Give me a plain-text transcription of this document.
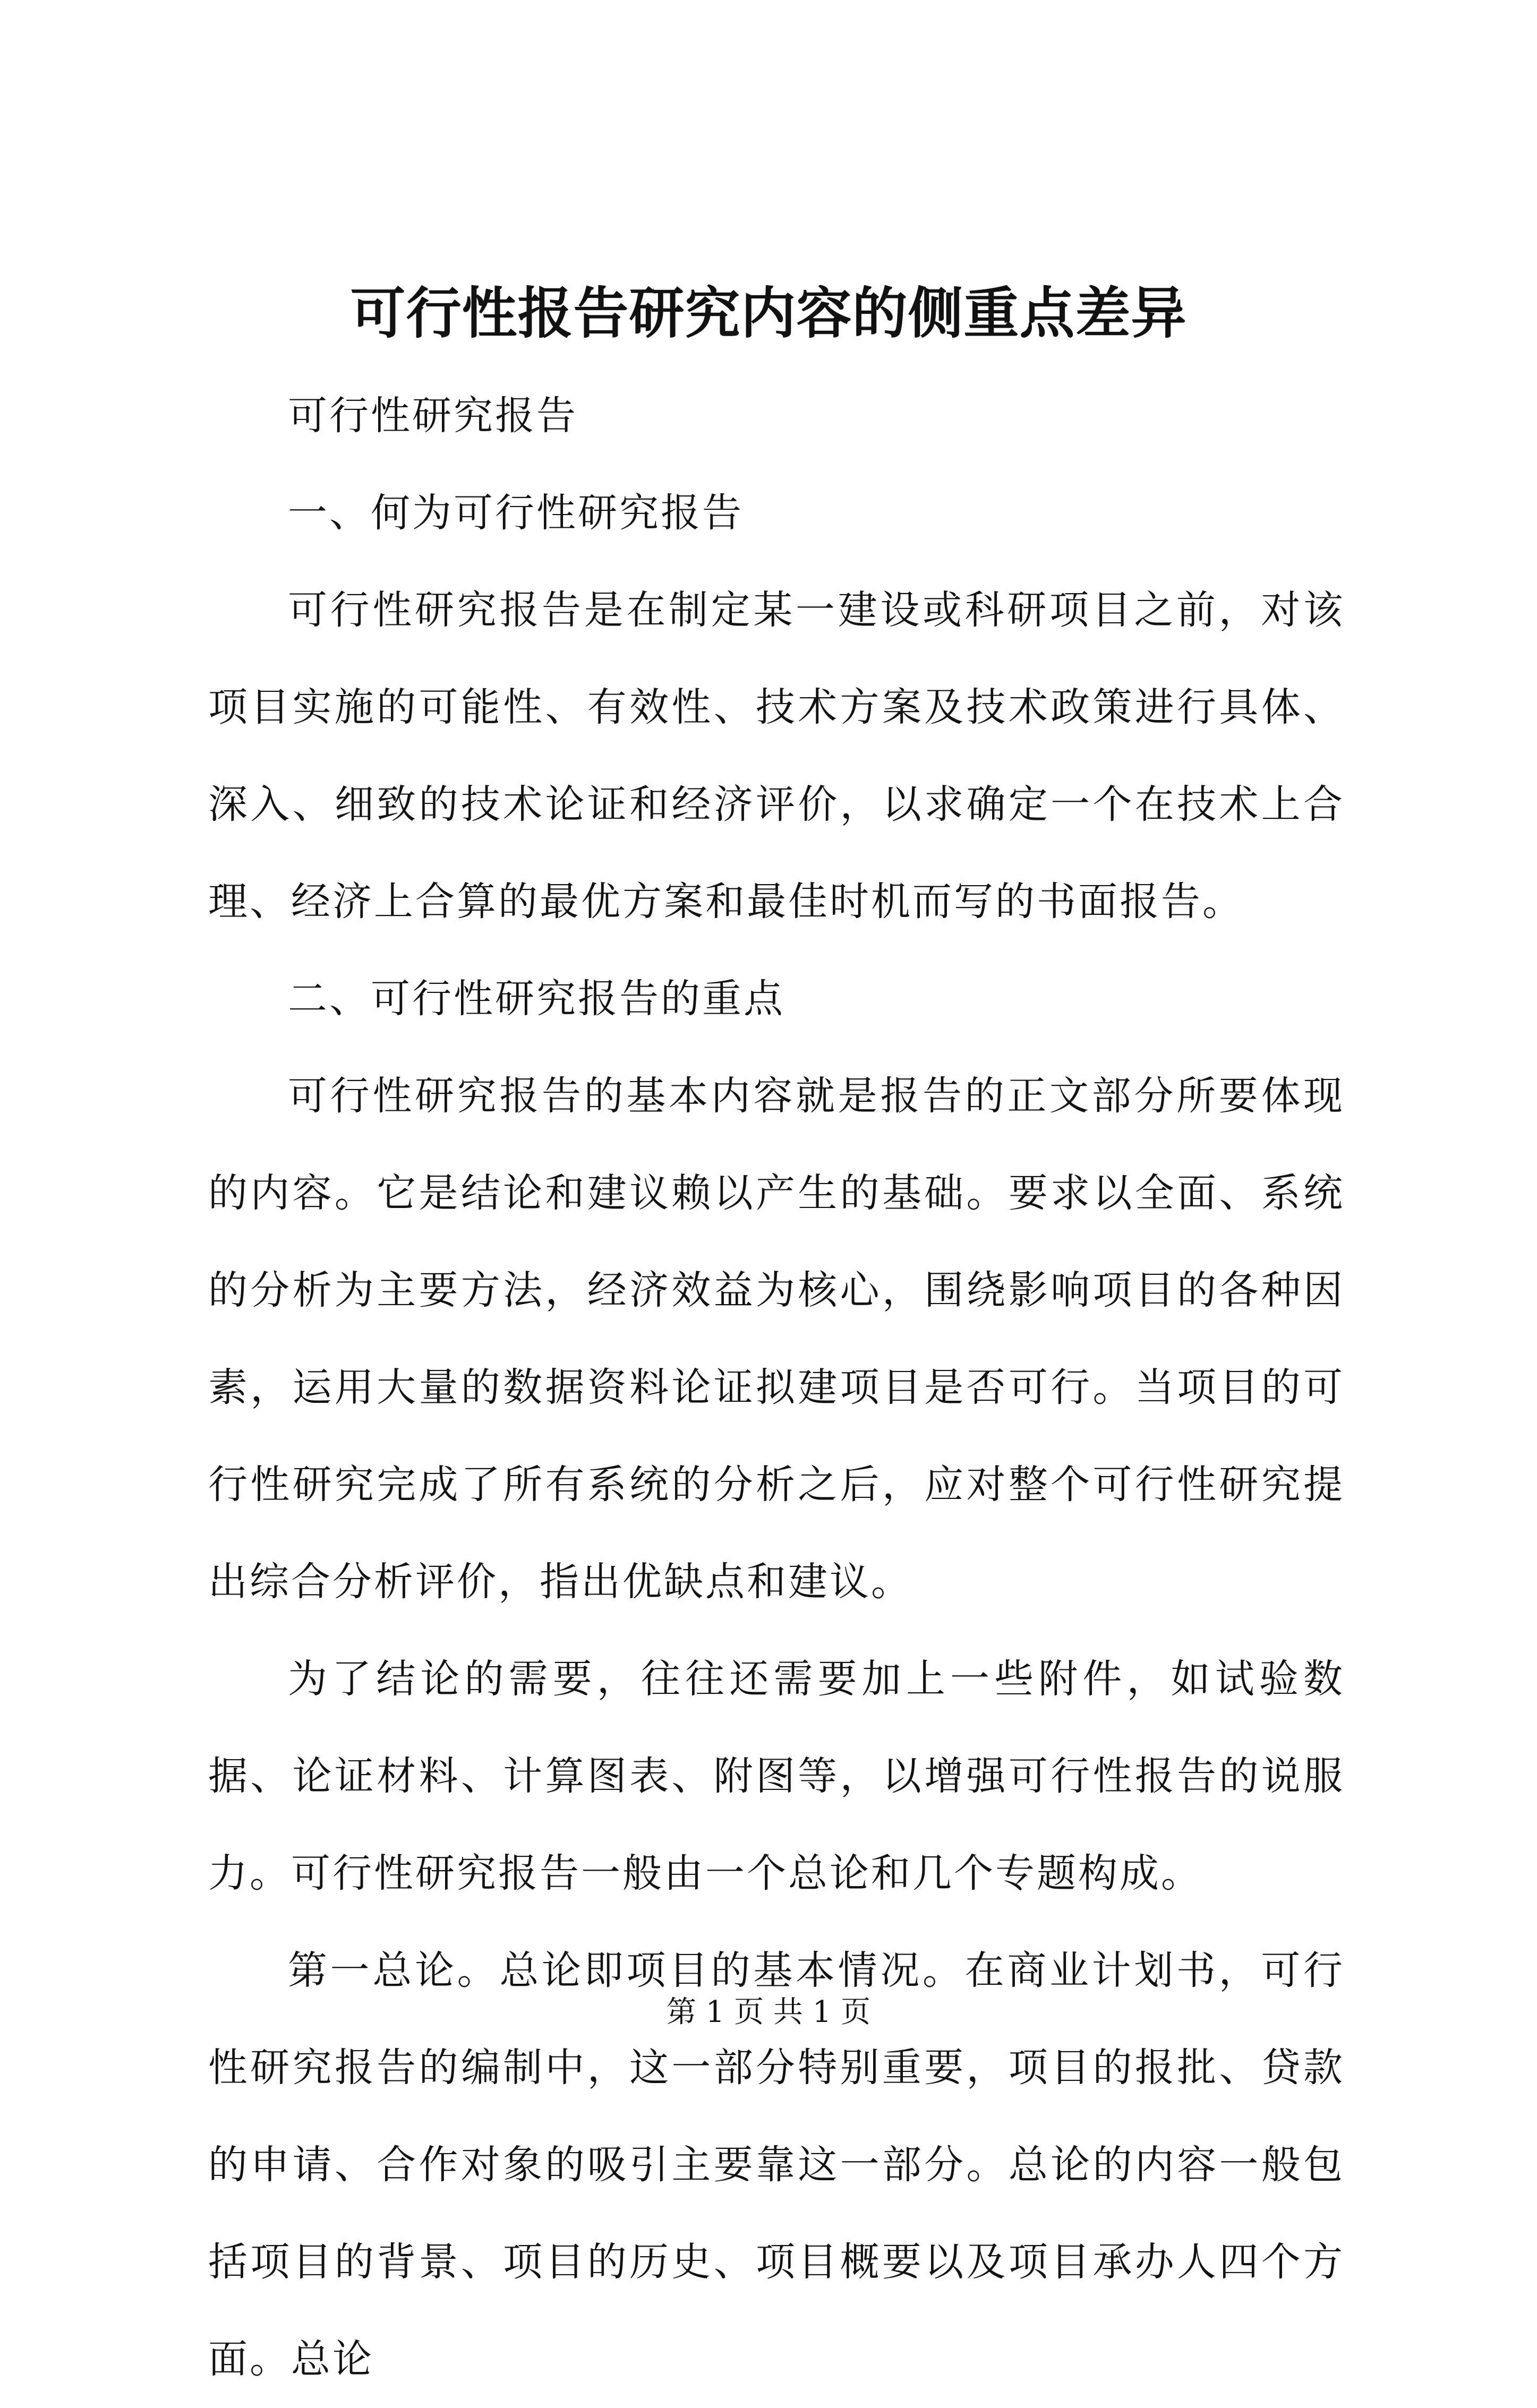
可行性报告研究内容的侧重点差异

可行性研究报告

一、何为可行性研究报告

可行性研究报告是在制定某一建设或科研项目之前，对该项目实施的可能性、有效性、技术方案及技术政策进行具体、深入、细致的技术论证和经济评价，以求确定一个在技术上合理、经济上合算的最优方案和最佳时机而写的书面报告。

二、可行性研究报告的重点

可行性研究报告的基本内容就是报告的正文部分所要体现的内容。它是结论和建议赖以产生的基础。要求以全面、系统的分析为主要方法，经济效益为核心，围绕影响项目的各种因素，运用大量的数据资料论证拟建项目是否可行。当项目的可行性研究完成了所有系统的分析之后，应对整个可行性研究提出综合分析评价，指出优缺点和建议。

为了结论的需要，往往还需要加上一些附件，如试验数据、论证材料、计算图表、附图等，以增强可行性报告的说服力。可行性研究报告一般由一个总论和几个专题构成。

第一总论。总论即项目的基本情况。在商业计划书，可行性研究报告的编制中，这一部分特别重要，项目的报批、贷款的申请、合作对象的吸引主要靠这一部分。总论的内容一般包括项目的背景、项目的历史、项目概要以及项目承办人四个方面。总论

第 1 页 共 1 页
